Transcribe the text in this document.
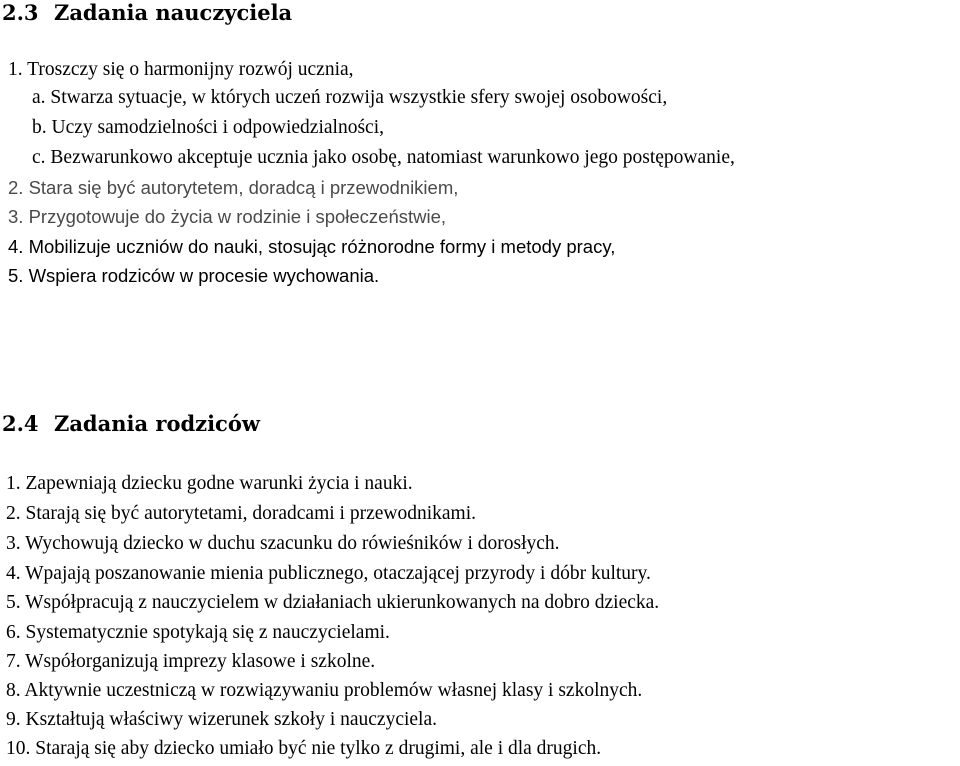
2.3 Zadania nauczyciela
1. Troszczy się o harmonijny rozwój ucznia,
a. Stwarza sytuacje, w których uczeń rozwija wszystkie sfery swojej osobowości,
b. Uczy samodzielności i odpowiedzialności,
c. Bezwarunkowo akceptuje ucznia jako osobę, natomiast warunkowo jego postępowanie,
2. Stara się być autorytetem, doradcą i przewodnikiem,
3. Przygotowuje do życia w rodzinie i społeczeństwie,
4. Mobilizuje uczniów do nauki, stosując różnorodne formy i metody pracy,
5. Wspiera rodziców w procesie wychowania.
2.4 Zadania rodziców
1. Zapewniają dziecku godne warunki życia i nauki.
2. Starają się być autorytetami, doradcami i przewodnikami.
3. Wychowują dziecko w duchu szacunku do rówieśników i dorosłych.
4. Wpajają poszanowanie mienia publicznego, otaczającej przyrody i dóbr kultury.
5. Współpracują z nauczycielem w działaniach ukierunkowanych na dobro dziecka.
6. Systematycznie spotykają się z nauczycielami.
7. Współorganizują imprezy klasowe i szkolne.
8. Aktywnie uczestniczą w rozwiązywaniu problemów własnej klasy i szkolnych.
9. Kształtują właściwy wizerunek szkoły i nauczyciela.
10. Starają się aby dziecko umiało być nie tylko z drugimi, ale i dla drugich.
